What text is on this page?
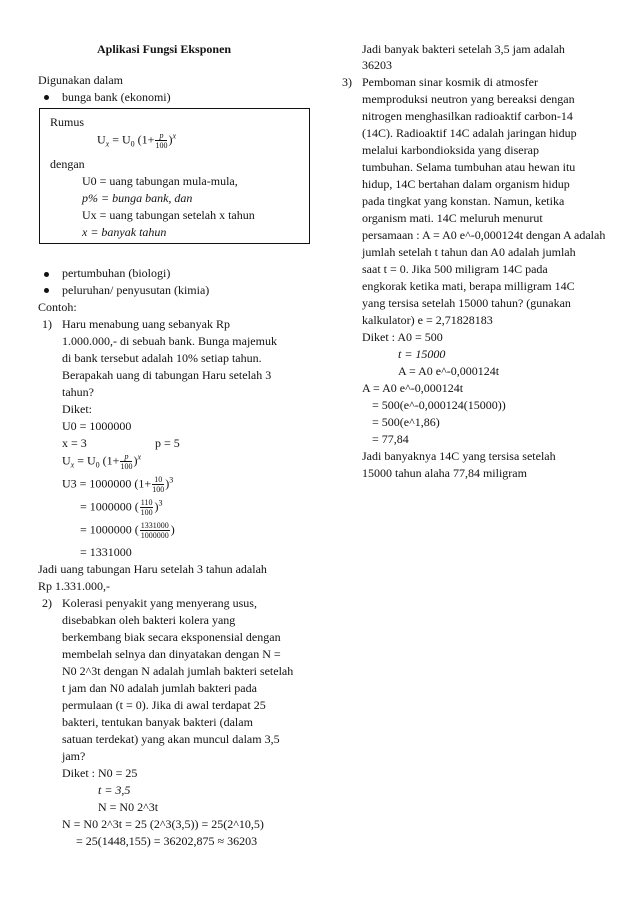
Aplikasi Fungsi Eksponen
Digunakan dalam
bunga bank (ekonomi)
Rumus
$U_x = U_0$ $(1+ \frac{p}{100} )^x$
dengan
U0 = uang tabungan mula-mula,
p% = bunga bank, dan
Ux = uang tabungan setelah x tahun
x = banyak tahun
pertumbuhan (biologi)
peluruhan/ penyusutan (kimia)
Contoh:
1) Haru menabung uang sebanyak Rp
1.000.000,- di sebuah bank. Bunga majemuk
di bank tersebut adalah 10% setiap tahun.
Berapakah uang di tabungan Haru setelah 3
tahun?
Diket:
U0 = 1000000
x = 3	p = 5
$U_x = U_0$ $(1+ \frac{p}{100} )^x$
U3 = 1000000 $(1+ \frac{10}{100} )^3$
= 1000000 ( $\frac{110}{100} )^3$
= 1000000 ( $\frac{1331000}{1000000}$ )
= 1331000
Jadi uang tabungan Haru setelah 3 tahun adalah
Rp 1.331.000,-
2) Kolerasi penyakit yang menyerang usus,
disebabkan oleh bakteri kolera yang
berkembang biak secara eksponensial dengan
membelah selnya dan dinyatakan dengan N =
N0 2^3t dengan N adalah jumlah bakteri setelah
t jam dan N0 adalah jumlah bakteri pada
permulaan (t = 0). Jika di awal terdapat 25
bakteri, tentukan banyak bakteri (dalam
satuan terdekat) yang akan muncul dalam 3,5
jam?
Diket : N0 = 25
t = 3,5
N = N0 2^3t
N = N0 2^3t = 25 (2^3(3,5)) = 25(2^10,5)
= 25(1448,155) = 36202,875 ≈ 36203
Jadi banyak bakteri setelah 3,5 jam adalah
36203
3) Pemboman sinar kosmik di atmosfer
memproduksi neutron yang bereaksi dengan
nitrogen menghasilkan radioaktif carbon-14
(14C). Radioaktif 14C adalah jaringan hidup
melalui karbondioksida yang diserap
tumbuhan. Selama tumbuhan atau hewan itu
hidup, 14C bertahan dalam organism hidup
pada tingkat yang konstan. Namun, ketika
organism mati. 14C meluruh menurut
persamaan : A = A0 e^-0,000124t dengan A adalah
jumlah setelah t tahun dan A0 adalah jumlah
saat t = 0. Jika 500 miligram 14C pada
engkorak ketika mati, berapa milligram 14C
yang tersisa setelah 15000 tahun? (gunakan
kalkulator) e = 2,71828183
Diket : A0 = 500
t = 15000
A = A0 e^-0,000124t
A = A0 e^-0,000124t
= 500(e^-0,000124(15000))
= 500(e^1,86)
= 77,84
Jadi banyaknya 14C yang tersisa setelah
15000 tahun alaha 77,84 miligram
